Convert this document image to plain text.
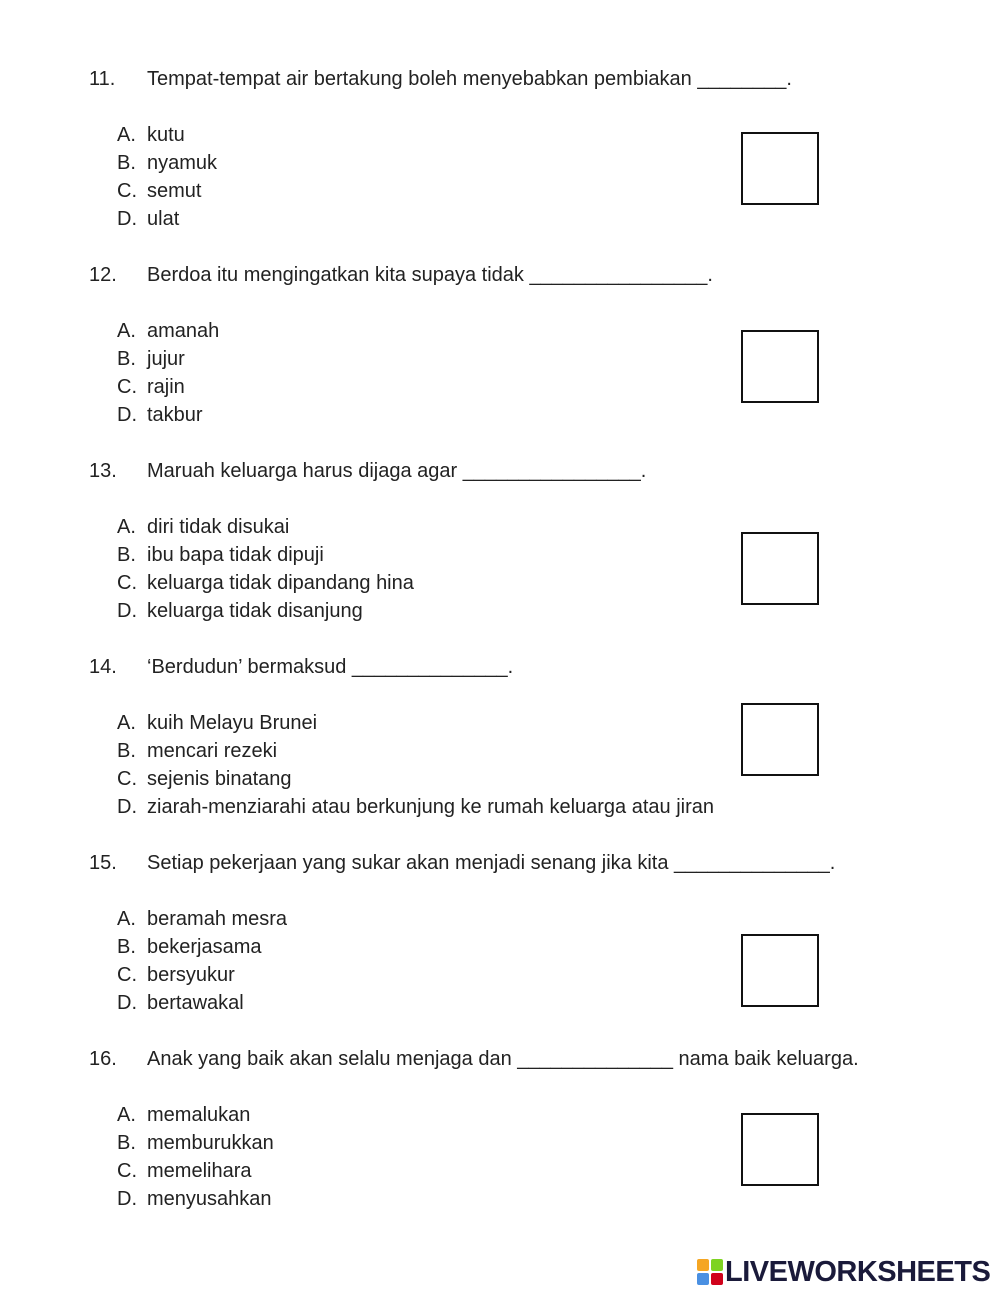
11. Tempat-tempat air bertakung boleh menyebabkan pembiakan ________.
A. kutu
B. nyamuk
C. semut
D. ulat
12. Berdoa itu mengingatkan kita supaya tidak ________________.
A. amanah
B. jujur
C. rajin
D. takbur
13. Maruah keluarga harus dijaga agar ________________.
A. diri tidak disukai
B. ibu bapa tidak dipuji
C. keluarga tidak dipandang hina
D. keluarga tidak disanjung
14. ‘Berdudun’ bermaksud ______________.
A. kuih Melayu Brunei
B. mencari rezeki
C. sejenis binatang
D. ziarah-menziarahi atau berkunjung ke rumah keluarga atau jiran
15. Setiap pekerjaan yang sukar akan menjadi senang jika kita ______________.
A. beramah mesra
B. bekerjasama
C. bersyukur
D. bertawakal
16. Anak yang baik akan selalu menjaga dan ______________ nama baik keluarga.
A. memalukan
B. memburukkan
C. memelihara
D. menyusahkan
LIVEWORKSHEETS
